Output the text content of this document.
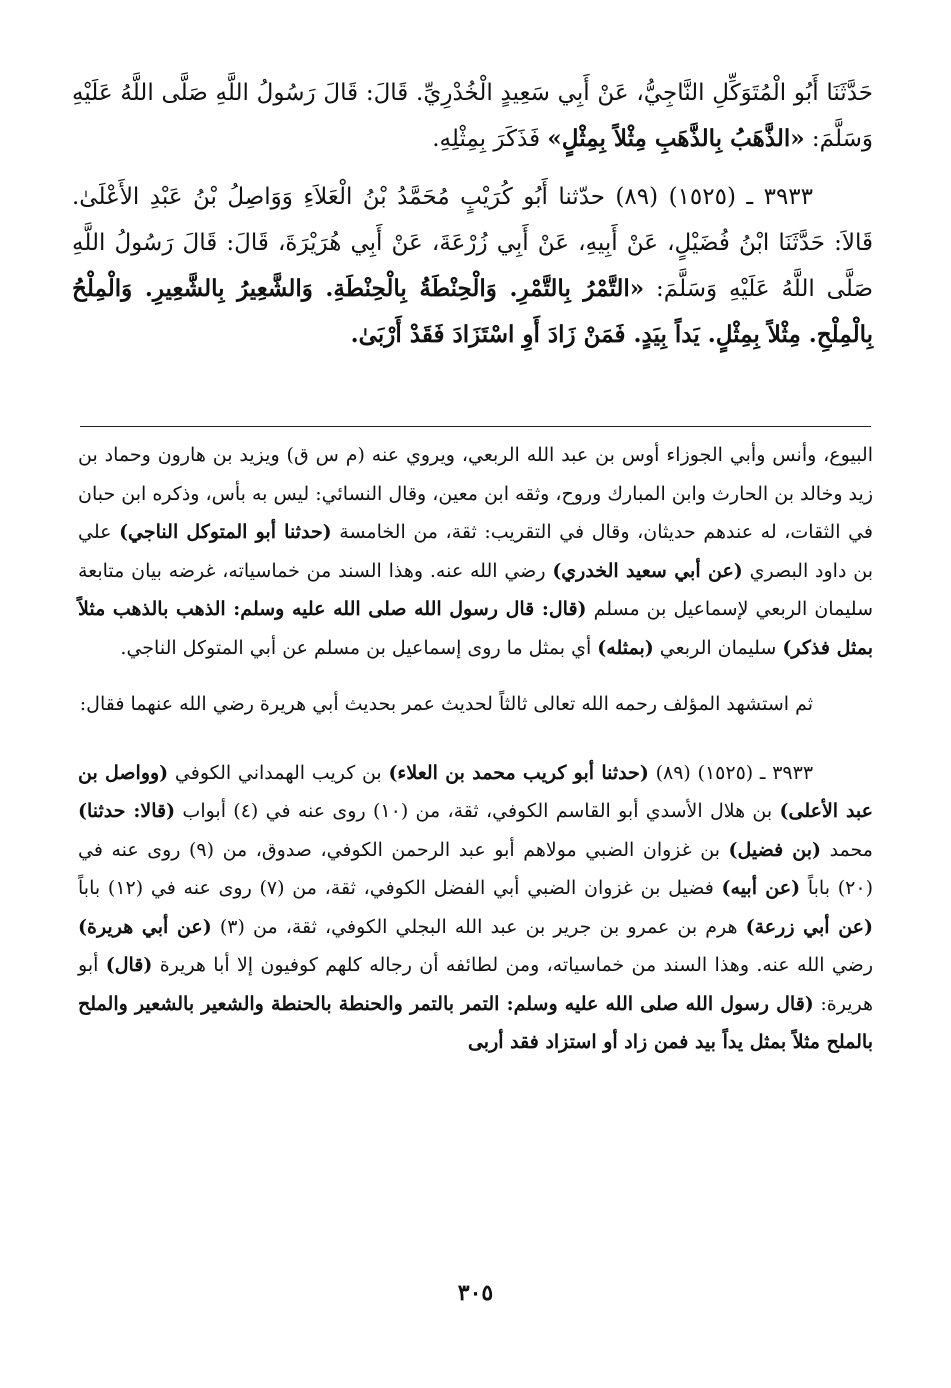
حَدَّثَنَا أَبُو الْمُتَوَكِّلِ النَّاجِيُّ، عَنْ أَبِي سَعِيدٍ الْخُدْرِيِّ. قَالَ: قَالَ رَسُولُ اللَّهِ صَلَّى اللَّهُ عَلَيْهِ وَسَلَّمَ: «الذَّهَبُ بِالذَّهَبِ مِثْلاً بِمِثْلٍ» فَذَكَرَ بِمِثْلِهِ.

٣٩٣٣ ـ (١٥٢٥) (٨٩) حدّثنا أَبُو كُرَيْبٍ مُحَمَّدُ بْنُ الْعَلاَءِ وَوَاصِلُ بْنُ عَبْدِ الأَعْلَىٰ. قَالاَ: حَدَّثَنَا ابْنُ فُضَيْلٍ، عَنْ أَبِيهِ، عَنْ أَبِي زُرْعَةَ، عَنْ أَبِي هُرَيْرَةَ، قَالَ: قَالَ رَسُولُ اللَّهِ صَلَّى اللَّهُ عَلَيْهِ وَسَلَّمَ: «التَّمْرُ بِالتَّمْرِ. وَالْحِنْطَةُ بِالْحِنْطَةِ. وَالشَّعِيرُ بِالشَّعِيرِ. وَالْمِلْحُ بِالْمِلْحِ. مِثْلاً بِمِثْلٍ. يَداً بِيَدٍ. فَمَنْ زَادَ أَوِ اسْتَزَادَ فَقَدْ أَرْبَىٰ.

البيوع، وأنس وأبي الجوزاء أوس بن عبد الله الربعي، ويروي عنه (م س ق) ويزيد بن هارون وحماد بن زيد وخالد بن الحارث وابن المبارك وروح، وثقه ابن معين، وقال النسائي: ليس به بأس، وذكره ابن حبان في الثقات، له عندهم حديثان، وقال في التقريب: ثقة، من الخامسة (حدثنا أبو المتوكل الناجي) علي بن داود البصري (عن أبي سعيد الخدري) رضي الله عنه. وهذا السند من خماسياته، غرضه بيان متابعة سليمان الربعي لإسماعيل بن مسلم (قال: قال رسول الله صلى الله عليه وسلم: الذهب بالذهب مثلاً بمثل فذكر) سليمان الربعي (بمثله) أي بمثل ما روى إسماعيل بن مسلم عن أبي المتوكل الناجي.

ثم استشهد المؤلف رحمه الله تعالى ثالثاً لحديث عمر بحديث أبي هريرة رضي الله عنهما فقال:

٣٩٣٣ ـ (١٥٢٥) (٨٩) (حدثنا أبو كريب محمد بن العلاء) بن كريب الهمداني الكوفي (وواصل بن عبد الأعلى) بن هلال الأسدي أبو القاسم الكوفي، ثقة، من (١٠) روى عنه في (٤) أبواب (قالا: حدثنا) محمد (بن فضيل) بن غزوان الضبي مولاهم أبو عبد الرحمن الكوفي، صدوق، من (٩) روى عنه في (٢٠) باباً (عن أبيه) فضيل بن غزوان الضبي أبي الفضل الكوفي، ثقة، من (٧) روى عنه في (١٢) باباً (عن أبي زرعة) هرم بن عمرو بن جرير بن عبد الله البجلي الكوفي، ثقة، من (٣) (عن أبي هريرة) رضي الله عنه. وهذا السند من خماسياته، ومن لطائفه أن رجاله كلهم كوفيون إلا أبا هريرة (قال) أبو هريرة: (قال رسول الله صلى الله عليه وسلم: التمر بالتمر والحنطة بالحنطة والشعير بالشعير والملح بالملح مثلاً بمثل يداً بيد فمن زاد أو استزاد فقد أربى

٣٠٥
